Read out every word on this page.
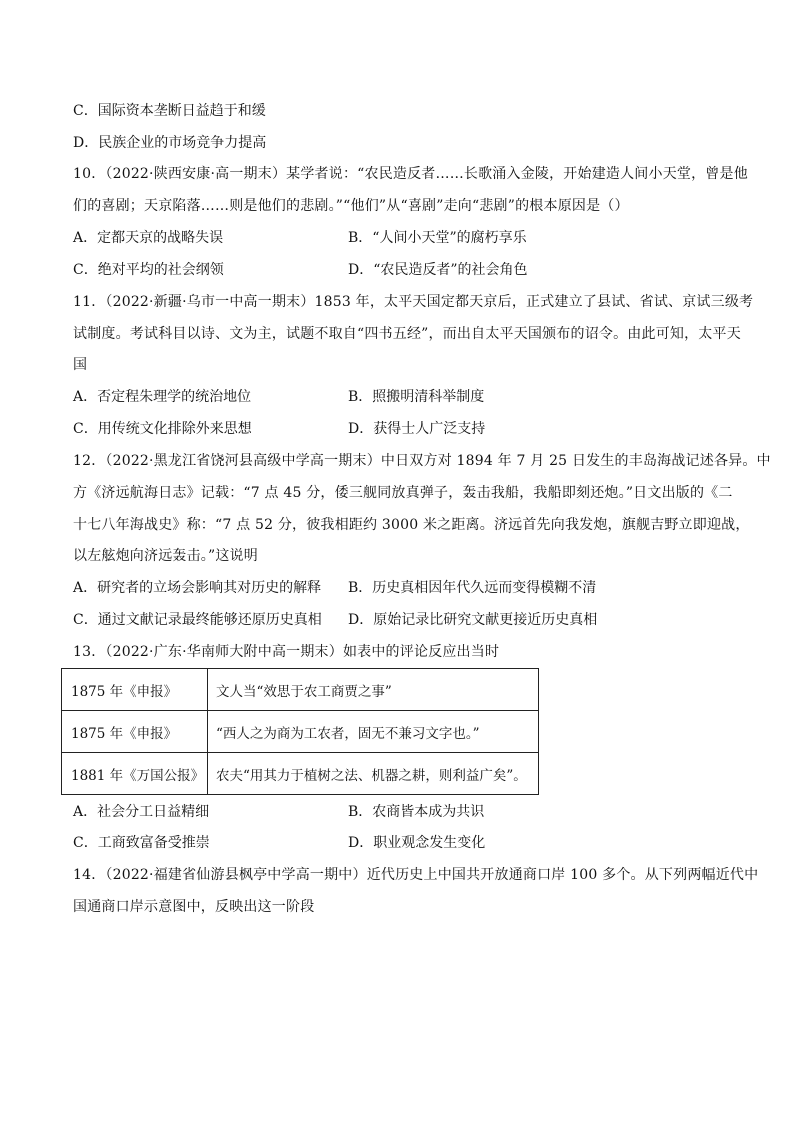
C．国际资本垄断日益趋于和缓
D．民族企业的市场竞争力提高
10．（2022·陕西安康·高一期末）某学者说：“农民造反者……长歌涌入金陵，开始建造人间小天堂，曾是他
们的喜剧；天京陷落……则是他们的悲剧。”“他们”从“喜剧”走向“悲剧”的根本原因是（）
A．定都天京的战略失误	B．“人间小天堂”的腐朽享乐
C．绝对平均的社会纲领	D．“农民造反者”的社会角色
11．（2022·新疆·乌市一中高一期末）1853 年，太平天国定都天京后，正式建立了县试、省试、京试三级考
试制度。考试科目以诗、文为主，试题不取自“四书五经”，而出自太平天国颁布的诏令。由此可知，太平天
国
A．否定程朱理学的统治地位	B．照搬明清科举制度
C．用传统文化排除外来思想	D．获得士人广泛支持
12．（2022·黑龙江省饶河县高级中学高一期末）中日双方对 1894 年 7 月 25 日发生的丰岛海战记述各异。中
方《济远航海日志》记载：“7 点 45 分，倭三舰同放真弹子，轰击我船，我船即刻还炮。”日文出版的《二
十七八年海战史》称：“7 点 52 分，彼我相距约 3000 米之距离。济远首先向我发炮，旗舰吉野立即迎战，
以左舷炮向济远轰击。”这说明
A．研究者的立场会影响其对历史的解释 B．历史真相因年代久远而变得模糊不清
C．通过文献记录最终能够还原历史真相 D．原始记录比研究文献更接近历史真相
13．（2022·广东·华南师大附中高一期末）如表中的评论反应出当时
1875 年《申报》	文人当“效思于农工商贾之事”
1875 年《申报》	“西人之为商为工农者，固无不兼习文字也。”
1881 年《万国公报》	农夫“用其力于植树之法、机器之耕，则利益广矣”。
A．社会分工日益精细	B．农商皆本成为共识
C．工商致富备受推崇	D．职业观念发生变化
14．（2022·福建省仙游县枫亭中学高一期中）近代历史上中国共开放通商口岸 100 多个。从下列两幅近代中
国通商口岸示意图中，反映出这一阶段
